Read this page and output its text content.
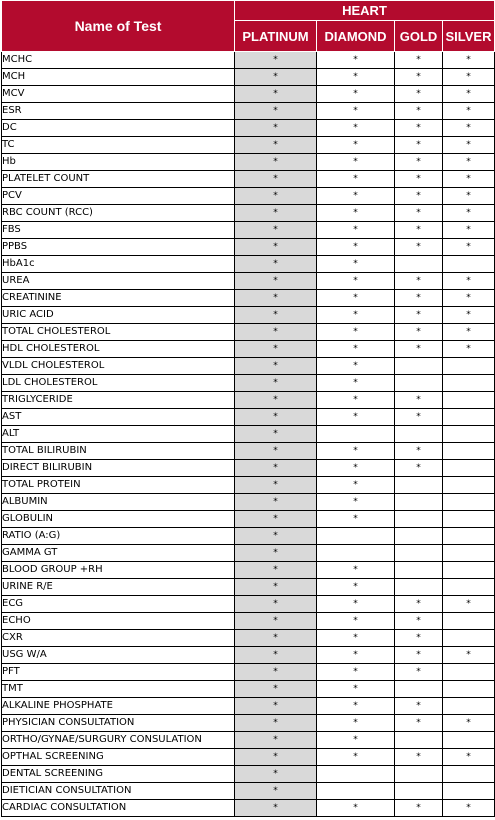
Name of Test	HEART			
	PLATINUM	DIAMOND	GOLD	SILVER
MCHC	*	*	*	*
MCH	*	*	*	*
MCV	*	*	*	*
ESR	*	*	*	*
DC	*	*	*	*
TC	*	*	*	*
Hb	*	*	*	*
PLATELET COUNT	*	*	*	*
PCV	*	*	*	*
RBC COUNT (RCC)	*	*	*	*
FBS	*	*	*	*
PPBS	*	*	*	*
HbA1c	*	*		
UREA	*	*	*	*
CREATININE	*	*	*	*
URIC ACID	*	*	*	*
TOTAL CHOLESTEROL	*	*	*	*
HDL CHOLESTEROL	*	*	*	*
VLDL CHOLESTEROL	*	*		
LDL CHOLESTEROL	*	*		
TRIGLYCERIDE	*	*	*	
AST	*	*	*	
ALT	*			
TOTAL BILIRUBIN	*	*	*	
DIRECT BILIRUBIN	*	*	*	
TOTAL PROTEIN	*	*		
ALBUMIN	*	*		
GLOBULIN	*	*		
RATIO (A:G)	*			
GAMMA GT	*			
BLOOD GROUP +RH	*	*		
URINE R/E	*	*		
ECG	*	*	*	*
ECHO	*	*	*	
CXR	*	*	*	
USG W/A	*	*	*	*
PFT	*	*	*	
TMT	*	*		
ALKALINE PHOSPHATE	*	*	*	
PHYSICIAN CONSULTATION	*	*	*	*
ORTHO/GYNAE/SURGURY CONSULATION	*	*		
OPTHAL SCREENING	*	*	*	*
DENTAL SCREENING	*			
DIETICIAN CONSULTATION	*			
CARDIAC CONSULTATION	*	*	*	*
